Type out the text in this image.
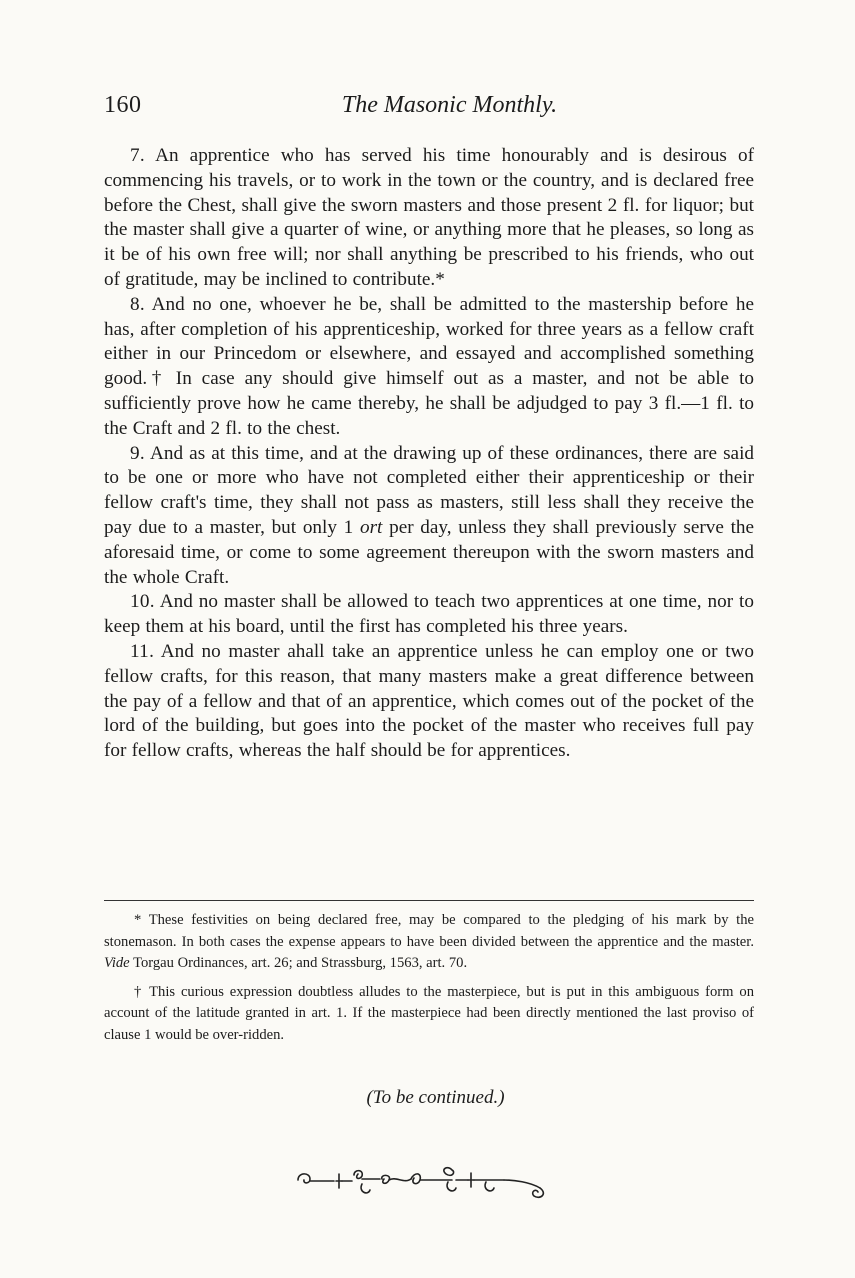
160	The Masonic Monthly.

7. An apprentice who has served his time honourably and is desirous of commencing his travels, or to work in the town or the country, and is declared free before the Chest, shall give the sworn masters and those present 2 fl. for liquor; but the master shall give a quarter of wine, or anything more that he pleases, so long as it be of his own free will; nor shall anything be prescribed to his friends, who out of gratitude, may be inclined to contribute.*

8. And no one, whoever he be, shall be admitted to the mastership before he has, after completion of his apprenticeship, worked for three years as a fellow craft either in our Princedom or elsewhere, and essayed and accomplished something good.† In case any should give himself out as a master, and not be able to sufficiently prove how he came thereby, he shall be adjudged to pay 3 fl.—1 fl. to the Craft and 2 fl. to the chest.

9. And as at this time, and at the drawing up of these ordinances, there are said to be one or more who have not completed either their apprenticeship or their fellow craft's time, they shall not pass as masters, still less shall they receive the pay due to a master, but only 1 ort per day, unless they shall previously serve the aforesaid time, or come to some agreement thereupon with the sworn masters and the whole Craft.

10. And no master shall be allowed to teach two apprentices at one time, nor to keep them at his board, until the first has completed his three years.

11. And no master ahall take an apprentice unless he can employ one or two fellow crafts, for this reason, that many masters make a great difference between the pay of a fellow and that of an apprentice, which comes out of the pocket of the lord of the building, but goes into the pocket of the master who receives full pay for fellow crafts, whereas the half should be for apprentices.

* These festivities on being declared free, may be compared to the pledging of his mark by the stonemason. In both cases the expense appears to have been divided between the apprentice and the master. Vide Torgau Ordinances, art. 26; and Strassburg, 1563, art. 70.

† This curious expression doubtless alludes to the masterpiece, but is put in this ambiguous form on account of the latitude granted in art. 1. If the masterpiece had been directly mentioned the last proviso of clause 1 would be over-ridden.

(To be continued.)
